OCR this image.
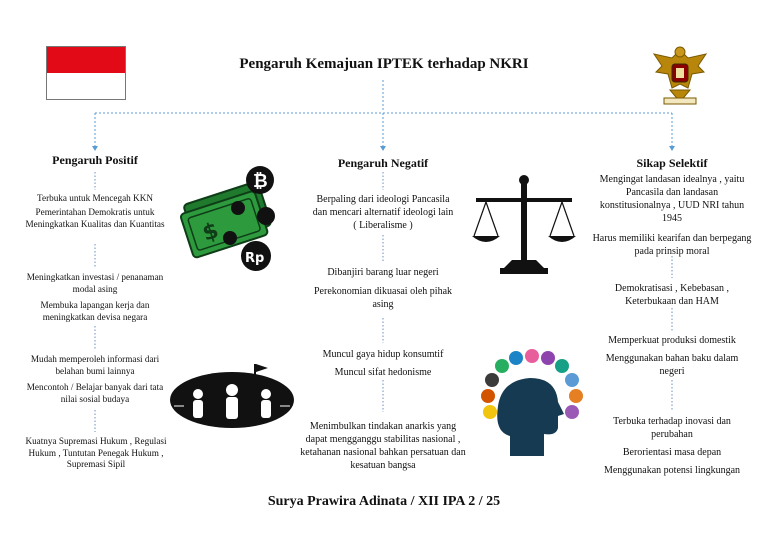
Pengaruh Kemajuan IPTEK terhadap NKRI
Pengaruh Positif
Terbuka untuk Mencegah KKN
Pemerintahan Demokratis untuk Meningkatkan Kualitas dan Kuantitas
Meningkatkan investasi / penanaman modal asing
Membuka lapangan kerja dan meningkatkan devisa negara
Mudah memperoleh informasi dari belahan bumi lainnya
Mencontoh / Belajar banyak dari tata nilai sosial budaya
Kuatnya Supremasi Hukum , Regulasi Hukum , Tuntutan Penegak Hukum , Supremasi Sipil
$
₿
Rp
Pengaruh Negatif
Berpaling dari ideologi Pancasila dan mencari alternatif ideologi lain ( Liberalisme )
Dibanjiri barang luar negeri
Perekonomian dikuasai oleh pihak asing
Muncul gaya hidup konsumtif
Muncul sifat hedonisme
Menimbulkan tindakan anarkis yang dapat mengganggu stabilitas nasional , ketahanan nasional bahkan persatuan dan kesatuan bangsa
Sikap Selektif
Mengingat landasan idealnya , yaitu Pancasila dan landasan konstitusionalnya , UUD NRI tahun 1945
Harus memiliki kearifan dan berpegang pada prinsip moral
Demokratisasi , Kebebasan , Keterbukaan dan HAM
Memperkuat produksi domestik
Menggunakan bahan baku dalam negeri
Terbuka terhadap inovasi dan perubahan
Berorientasi masa depan
Menggunakan potensi lingkungan
Surya Prawira Adinata / XII IPA 2 / 25
